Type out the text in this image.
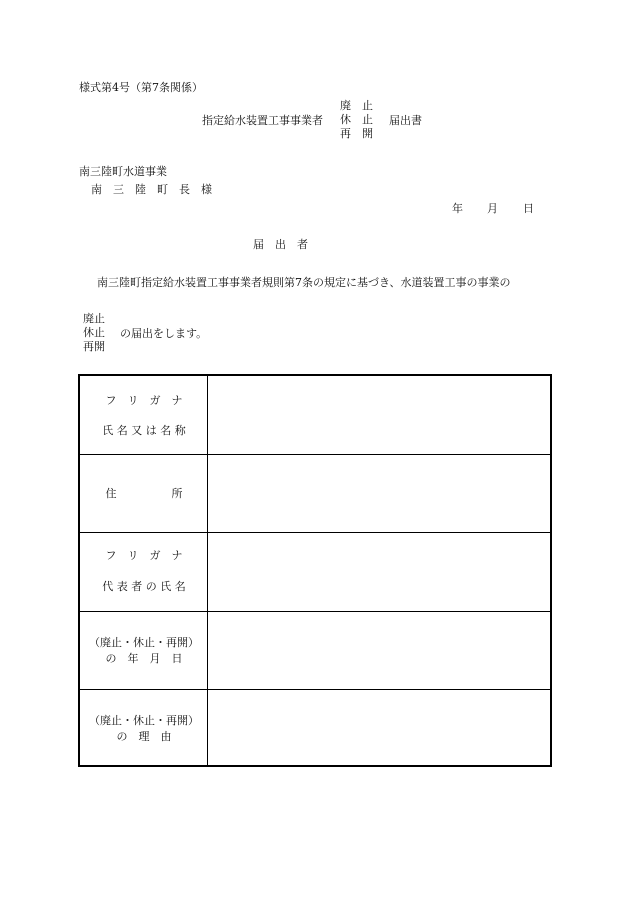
様式第4号（第7条関係）
指定給水装置工事事業者
廃　止
休　止
再　開
届出書
南三陸町水道事業
南　三　陸　町　長　様
年 月 日
届　出　者
南三陸町指定給水装置工事事業者規則第7条の規定に基づき、水道装置工事の事業の
廃止
休止
再開
の届出をします。
フ　リ　ガ　ナ
氏 名 又 は 名 称
住　　　　　所
フ　リ　ガ　ナ
代 表 者 の 氏 名
（廃止・休止・再開）
の　年　月　日
（廃止・休止・再開）
の　理　由
